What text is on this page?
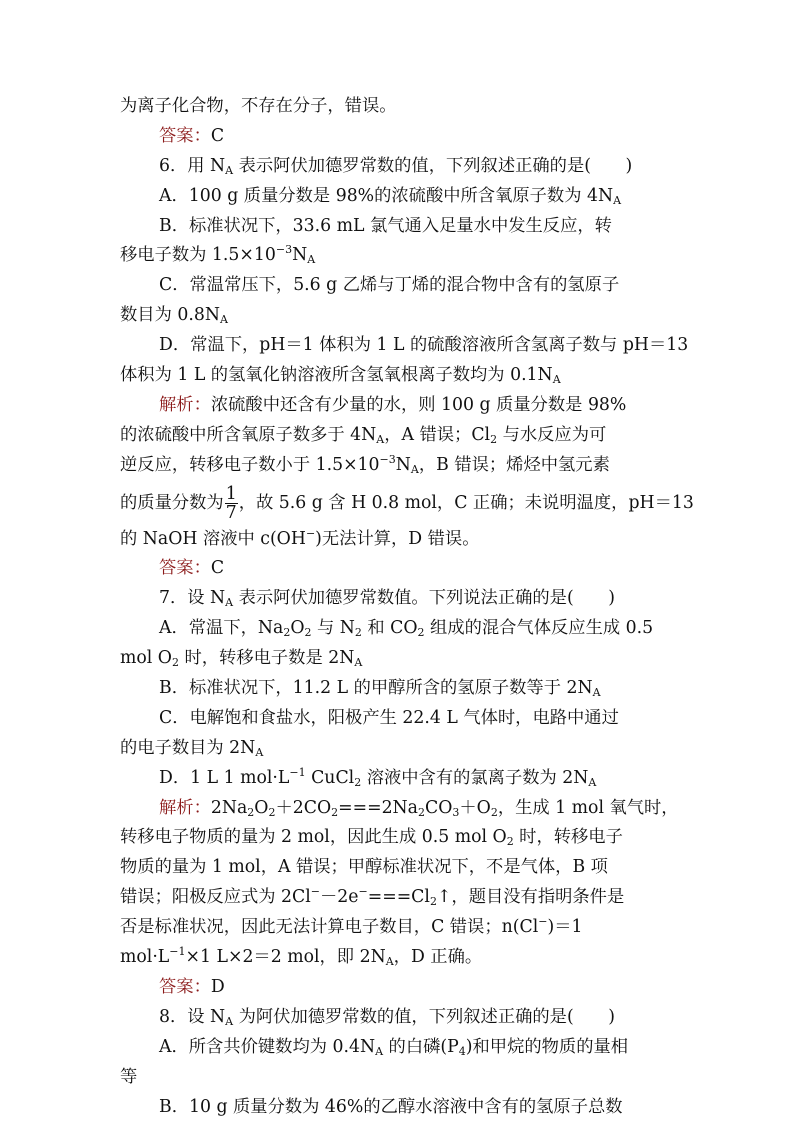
为离子化合物，不存在分子，错误。
答案：C
6．用 $N_A$ 表示阿伏加德罗常数的值，下列叙述正确的是(　　)
A．100 g 质量分数是 98%的浓硫酸中所含氧原子数为 $4N_A$
B．标准状况下，33.6 mL 氯气通入足量水中发生反应，转
移电子数为 $1.5\times 10^{-3}N_A$
C．常温常压下，5.6 g 乙烯与丁烯的混合物中含有的氢原子
数目为 $0.8N_A$
D．常温下，pH＝1 体积为 1 L 的硫酸溶液所含氢离子数与 pH＝13
体积为 1 L 的氢氧化钠溶液所含氢氧根离子数均为 $0.1N_A$
解析：浓硫酸中还含有少量的水，则 100 g 质量分数是 98%
的浓硫酸中所含氧原子数多于 $4N_A$，A 错误；$Cl_2$ 与水反应为可
逆反应，转移电子数小于 $1.5\times 10^{-3}N_A$，B 错误；烯烃中氢元素
的质量分数为 $\frac{1}{7}$ ，故 5.6 g 含 H 0.8 mol，C 正确；未说明温度，pH＝13
的 NaOH 溶液中 c(OH−)无法计算，D 错误。
答案：C
7．设 $N_A$ 表示阿伏加德罗常数值。下列说法正确的是(　　)
A．常温下，$Na_2O_2$ 与 $N_2$ 和 $CO_2$ 组成的混合气体反应生成 0.5
mol $O_2$ 时，转移电子数是 $2N_A$
B．标准状况下，11.2 L 的甲醇所含的氢原子数等于 $2N_A$
C．电解饱和食盐水，阳极产生 22.4 L 气体时，电路中通过
的电子数目为 $2N_A$
D．1 L 1 $mol\cdot L^{-1}$ CuCl$_2$ 溶液中含有的氯离子数为 $2N_A$
解析：$2Na_2O_2+2CO_2===2Na_2CO_3+O_2$，生成 1 mol 氧气时，
转移电子物质的量为 2 mol，因此生成 0.5 mol $O_2$ 时，转移电子
物质的量为 1 mol，A 错误；甲醇标准状况下，不是气体，B 项
错误；阳极反应式为 $2Cl^--2e^-===Cl_2↑$，题目没有指明条件是
否是标准状况，因此无法计算电子数目，C 错误；n(Cl−)＝1
$mol\cdot L^{-1}\times 1$ L×2＝2 mol，即 $2N_A$，D 正确。
答案：D
8．设 $N_A$ 为阿伏加德罗常数的值，下列叙述正确的是(　　)
A．所含共价键数均为 $0.4N_A$ 的白磷$(P_4)$和甲烷的物质的量相
等
B．10 g 质量分数为 46%的乙醇水溶液中含有的氢原子总数
